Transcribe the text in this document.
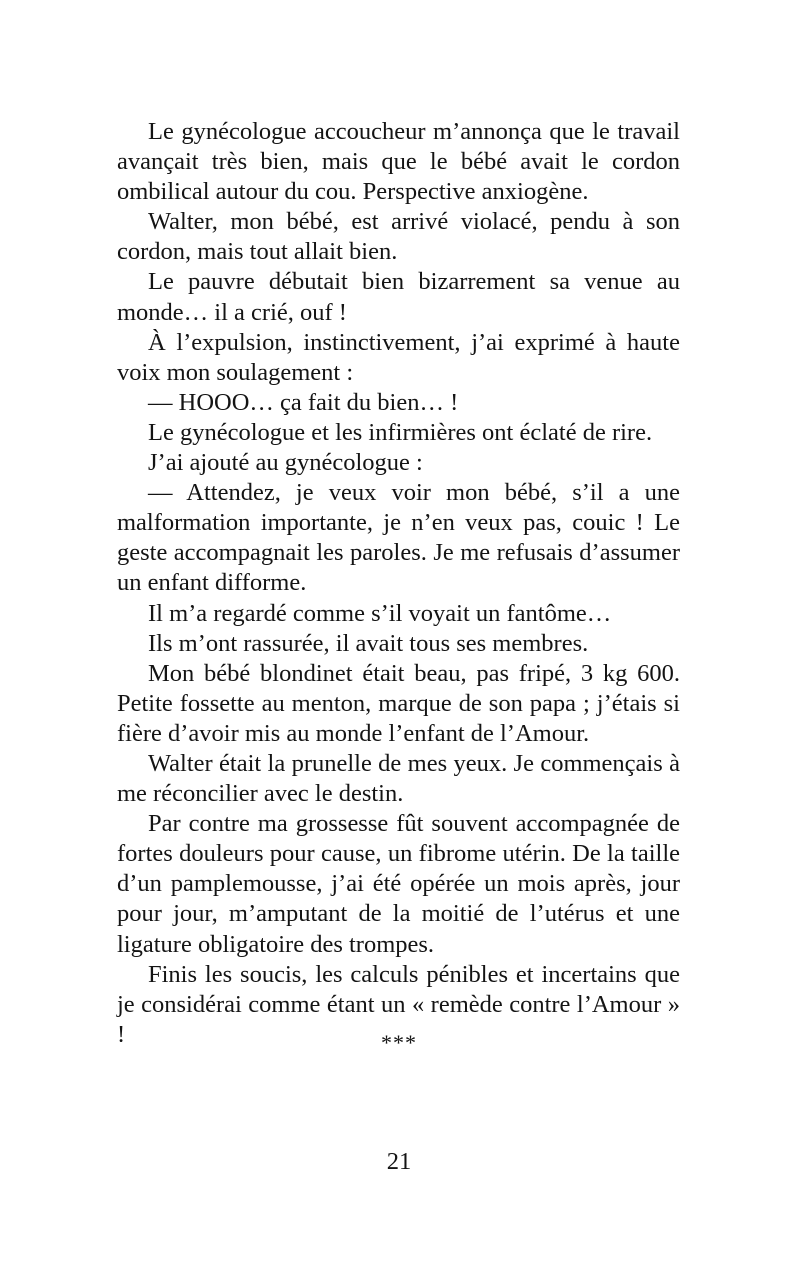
Le gynécologue accoucheur m’annonça que le travail avançait très bien, mais que le bébé avait le cordon ombilical autour du cou. Perspective anxiogène.

Walter, mon bébé, est arrivé violacé, pendu à son cordon, mais tout allait bien.

Le pauvre débutait bien bizarrement sa venue au monde… il a crié, ouf !

À l’expulsion, instinctivement, j’ai exprimé à haute voix mon soulagement :

— HOOO… ça fait du bien… !

Le gynécologue et les infirmières ont éclaté de rire.

J’ai ajouté au gynécologue :

— Attendez, je veux voir mon bébé, s’il a une malformation importante, je n’en veux pas, couic ! Le geste accompagnait les paroles. Je me refusais d’assumer un enfant difforme.

Il m’a regardé comme s’il voyait un fantôme…

Ils m’ont rassurée, il avait tous ses membres.

Mon bébé blondinet était beau, pas fripé, 3 kg 600. Petite fossette au menton, marque de son papa ; j’étais si fière d’avoir mis au monde l’enfant de l’Amour.

Walter était la prunelle de mes yeux. Je commençais à me réconcilier avec le destin.

Par contre ma grossesse fût souvent accompagnée de fortes douleurs pour cause, un fibrome utérin. De la taille d’un pamplemousse, j’ai été opérée un mois après, jour pour jour, m’amputant de la moitié de l’utérus et une ligature obligatoire des trompes.

Finis les soucis, les calculs pénibles et incertains que je considérai comme étant un « remède contre l’Amour » !	***
21
